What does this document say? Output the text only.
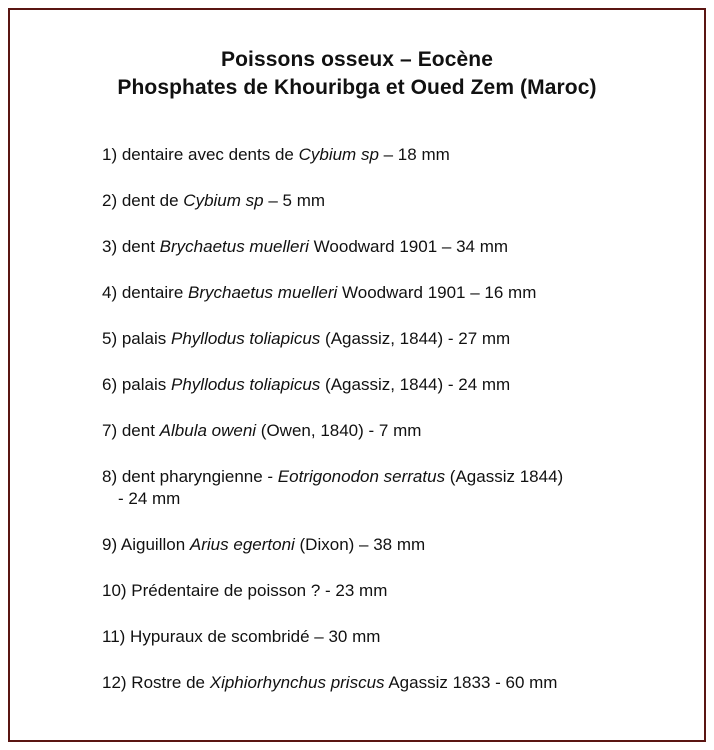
Poissons osseux – Eocène
Phosphates de Khouribga et Oued Zem (Maroc)
1) dentaire avec dents de Cybium sp – 18 mm
2) dent de Cybium sp – 5 mm
3) dent Brychaetus muelleri Woodward 1901 – 34 mm
4) dentaire Brychaetus muelleri Woodward 1901 – 16 mm
5) palais Phyllodus toliapicus (Agassiz, 1844) - 27 mm
6) palais Phyllodus toliapicus (Agassiz, 1844) - 24 mm
7) dent Albula oweni (Owen, 1840) - 7 mm
8) dent pharyngienne - Eotrigonodon serratus (Agassiz 1844)
- 24 mm
9) Aiguillon Arius egertoni (Dixon) – 38 mm
10) Prédentaire de poisson ? - 23 mm
11) Hypuraux de scombridé – 30 mm
12) Rostre de Xiphiorhynchus priscus Agassiz 1833 - 60 mm
